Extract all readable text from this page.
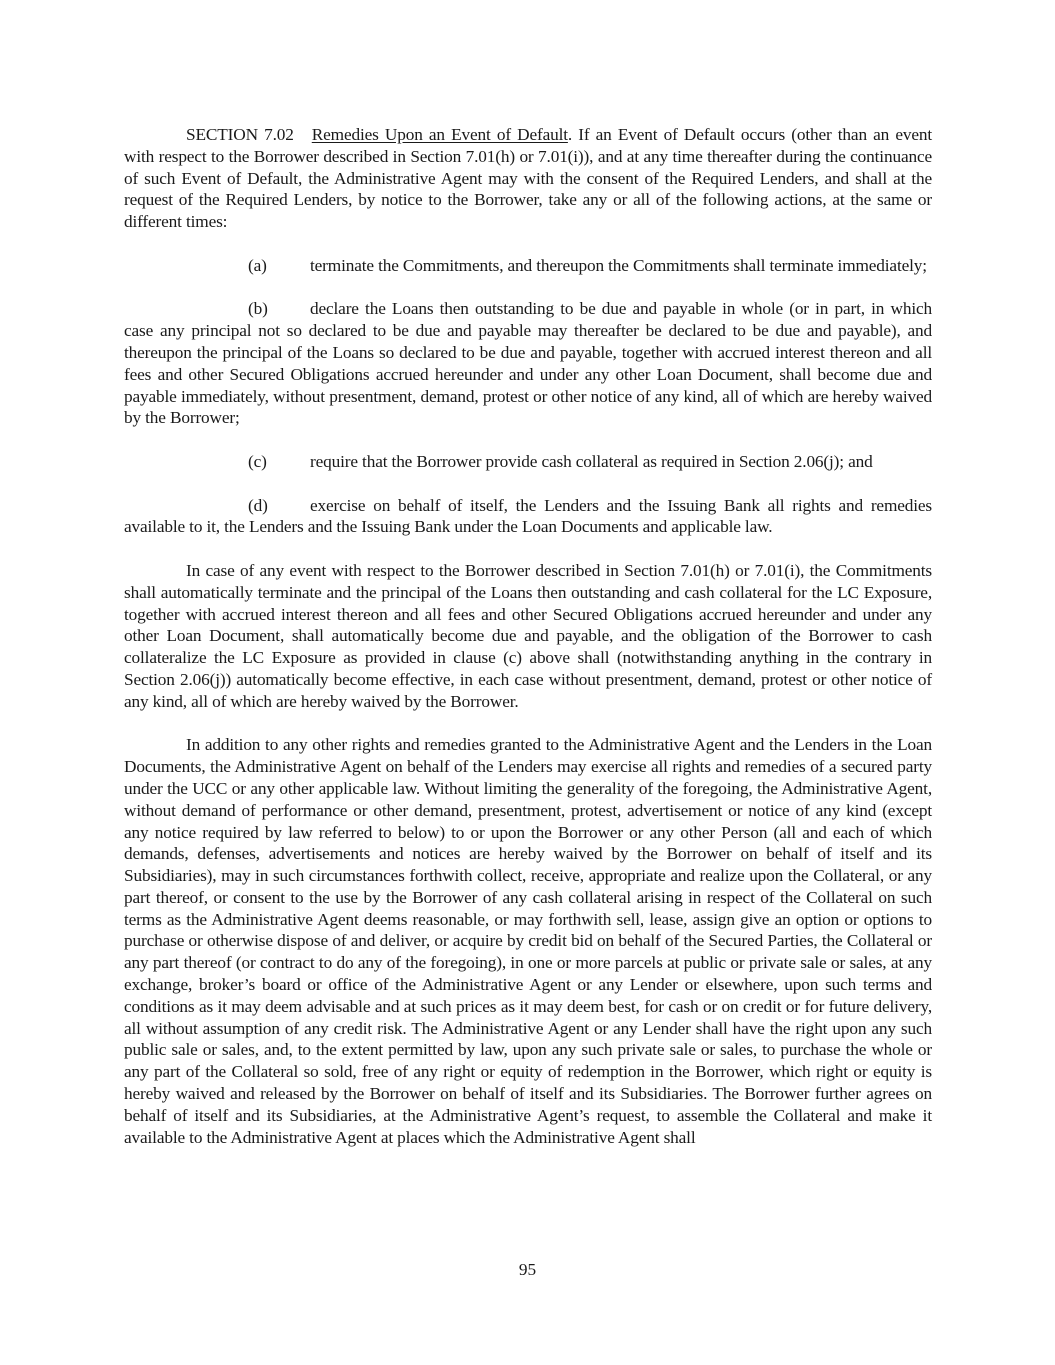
SECTION 7.02 Remedies Upon an Event of Default. If an Event of Default occurs (other than an event with respect to the Borrower described in Section 7.01(h) or 7.01(i)), and at any time thereafter during the continuance of such Event of Default, the Administrative Agent may with the consent of the Required Lenders, and shall at the request of the Required Lenders, by notice to the Borrower, take any or all of the following actions, at the same or different times:

(a)	terminate the Commitments, and thereupon the Commitments shall terminate immediately;

(b) declare the Loans then outstanding to be due and payable in whole (or in part, in which case any principal not so declared to be due and payable may thereafter be declared to be due and payable), and thereupon the principal of the Loans so declared to be due and payable, together with accrued interest thereon and all fees and other Secured Obligations accrued hereunder and under any other Loan Document, shall become due and payable immediately, without presentment, demand, protest or other notice of any kind, all of which are hereby waived by the Borrower;

(c)	require that the Borrower provide cash collateral as required in Section 2.06(j); and

(d) exercise on behalf of itself, the Lenders and the Issuing Bank all rights and remedies available to it, the Lenders and the Issuing Bank under the Loan Documents and applicable law.

In case of any event with respect to the Borrower described in Section 7.01(h) or 7.01(i), the Commitments shall automatically terminate and the principal of the Loans then outstanding and cash collateral for the LC Exposure, together with accrued interest thereon and all fees and other Secured Obligations accrued hereunder and under any other Loan Document, shall automatically become due and payable, and the obligation of the Borrower to cash collateralize the LC Exposure as provided in clause (c) above shall (notwithstanding anything in the contrary in Section 2.06(j)) automatically become effective, in each case without presentment, demand, protest or other notice of any kind, all of which are hereby waived by the Borrower.

In addition to any other rights and remedies granted to the Administrative Agent and the Lenders in the Loan Documents, the Administrative Agent on behalf of the Lenders may exercise all rights and remedies of a secured party under the UCC or any other applicable law. Without limiting the generality of the foregoing, the Administrative Agent, without demand of performance or other demand, presentment, protest, advertisement or notice of any kind (except any notice required by law referred to below) to or upon the Borrower or any other Person (all and each of which demands, defenses, advertisements and notices are hereby waived by the Borrower on behalf of itself and its Subsidiaries), may in such circumstances forthwith collect, receive, appropriate and realize upon the Collateral, or any part thereof, or consent to the use by the Borrower of any cash collateral arising in respect of the Collateral on such terms as the Administrative Agent deems reasonable, or may forthwith sell, lease, assign give an option or options to purchase or otherwise dispose of and deliver, or acquire by credit bid on behalf of the Secured Parties, the Collateral or any part thereof (or contract to do any of the foregoing), in one or more parcels at public or private sale or sales, at any exchange, broker’s board or office of the Administrative Agent or any Lender or elsewhere, upon such terms and conditions as it may deem advisable and at such prices as it may deem best, for cash or on credit or for future delivery, all without assumption of any credit risk. The Administrative Agent or any Lender shall have the right upon any such public sale or sales, and, to the extent permitted by law, upon any such private sale or sales, to purchase the whole or any part of the Collateral so sold, free of any right or equity of redemption in the Borrower, which right or equity is hereby waived and released by the Borrower on behalf of itself and its Subsidiaries. The Borrower further agrees on behalf of itself and its Subsidiaries, at the Administrative Agent’s request, to assemble the Collateral and make it available to the Administrative Agent at places which the Administrative Agent shall

95
